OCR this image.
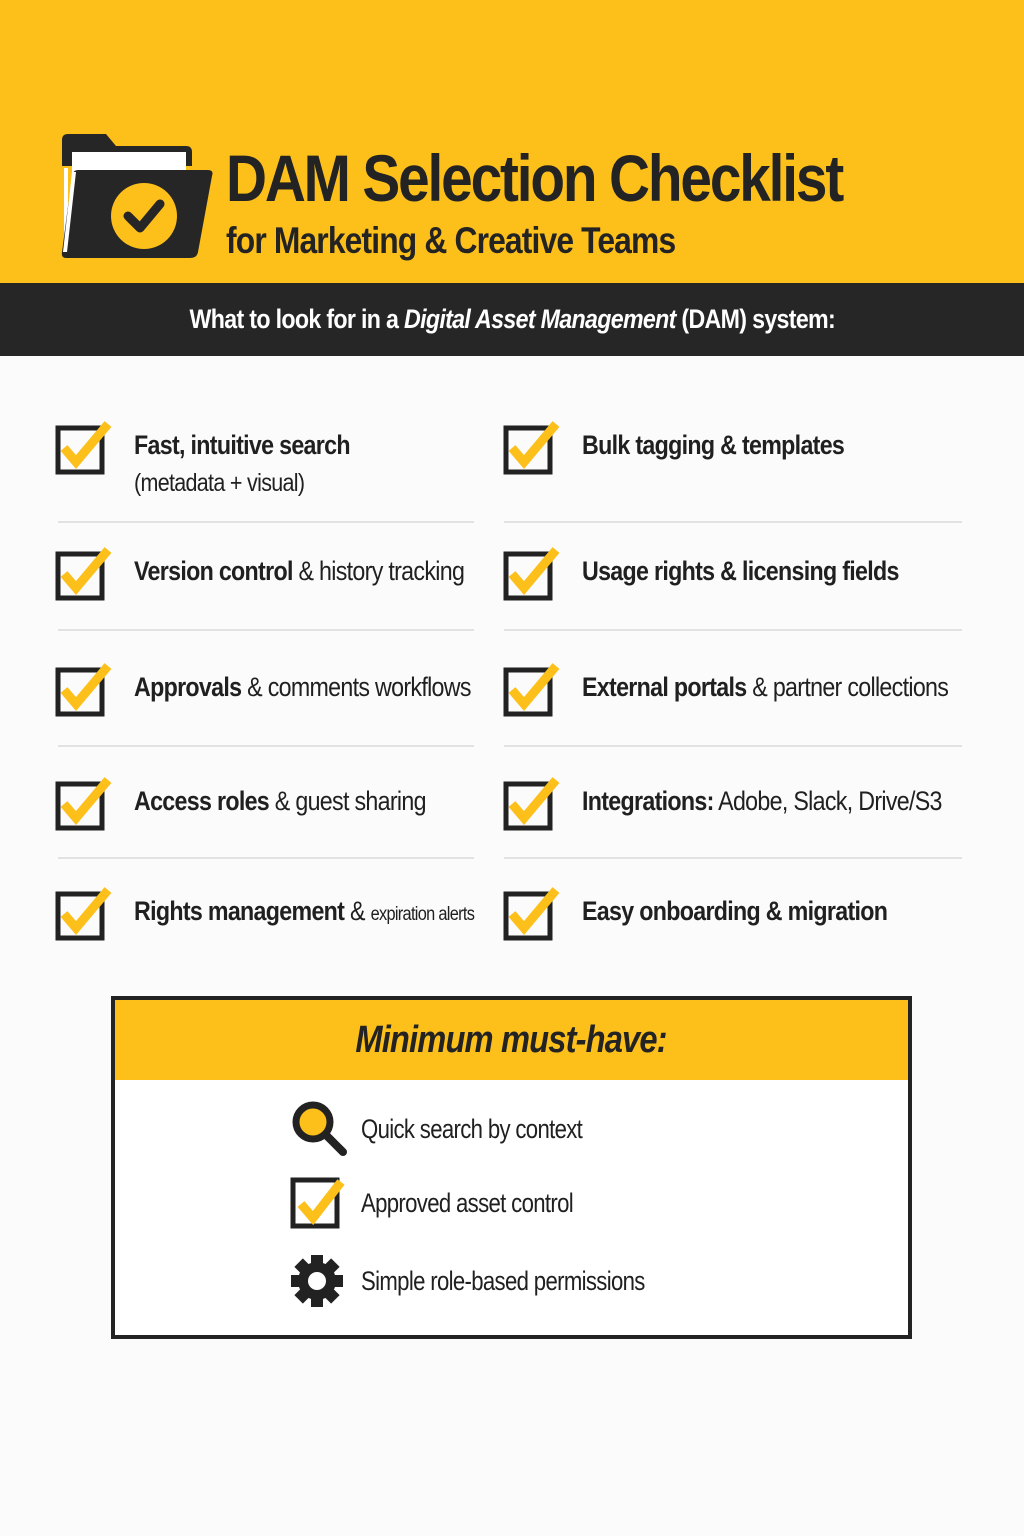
DAM Selection Checklist
for Marketing & Creative Teams
What to look for in a Digital Asset Management (DAM) system:
Fast, intuitive search
(metadata + visual)
Version control & history tracking
Approvals & comments workflows
Access roles & guest sharing
Rights management & expiration alerts
Bulk tagging & templates
Usage rights & licensing fields
External portals & partner collections
Integrations: Adobe, Slack, Drive/S3
Easy onboarding & migration
Minimum must-have:
Quick search by context
Approved asset control
Simple role-based permissions
